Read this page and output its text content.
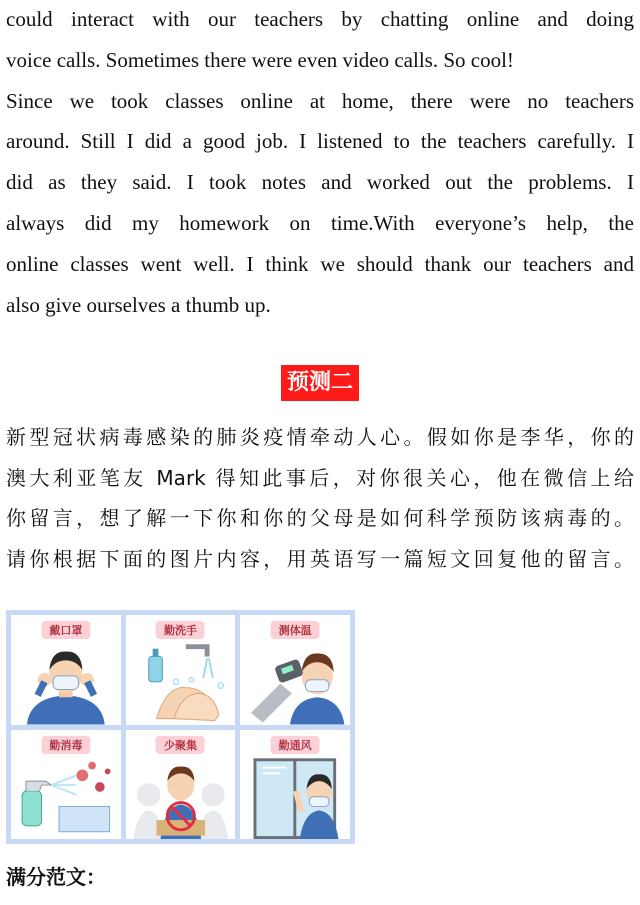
could interact with our teachers by chatting online and doing
voice calls. Sometimes there were even video calls. So cool!
Since we took classes online at home, there were no teachers
around. Still I did a good job. I listened to the teachers carefully. I
did as they said. I took notes and worked out the problems. I
always did my homework on time.With everyone’s help, the
online classes went well. I think we should thank our teachers and
also give ourselves a thumb up.
预测二
新型冠状病毒感染的肺炎疫情牵动人心。假如你是李华，你的
澳大利亚笔友 Mark 得知此事后，对你很关心，他在微信上给
你留言，想了解一下你和你的父母是如何科学预防该病毒的。
请你根据下面的图片内容，用英语写一篇短文回复他的留言。
戴口罩	勤洗手	测体温
勤消毒	少聚集	勤通风
满分范文：
